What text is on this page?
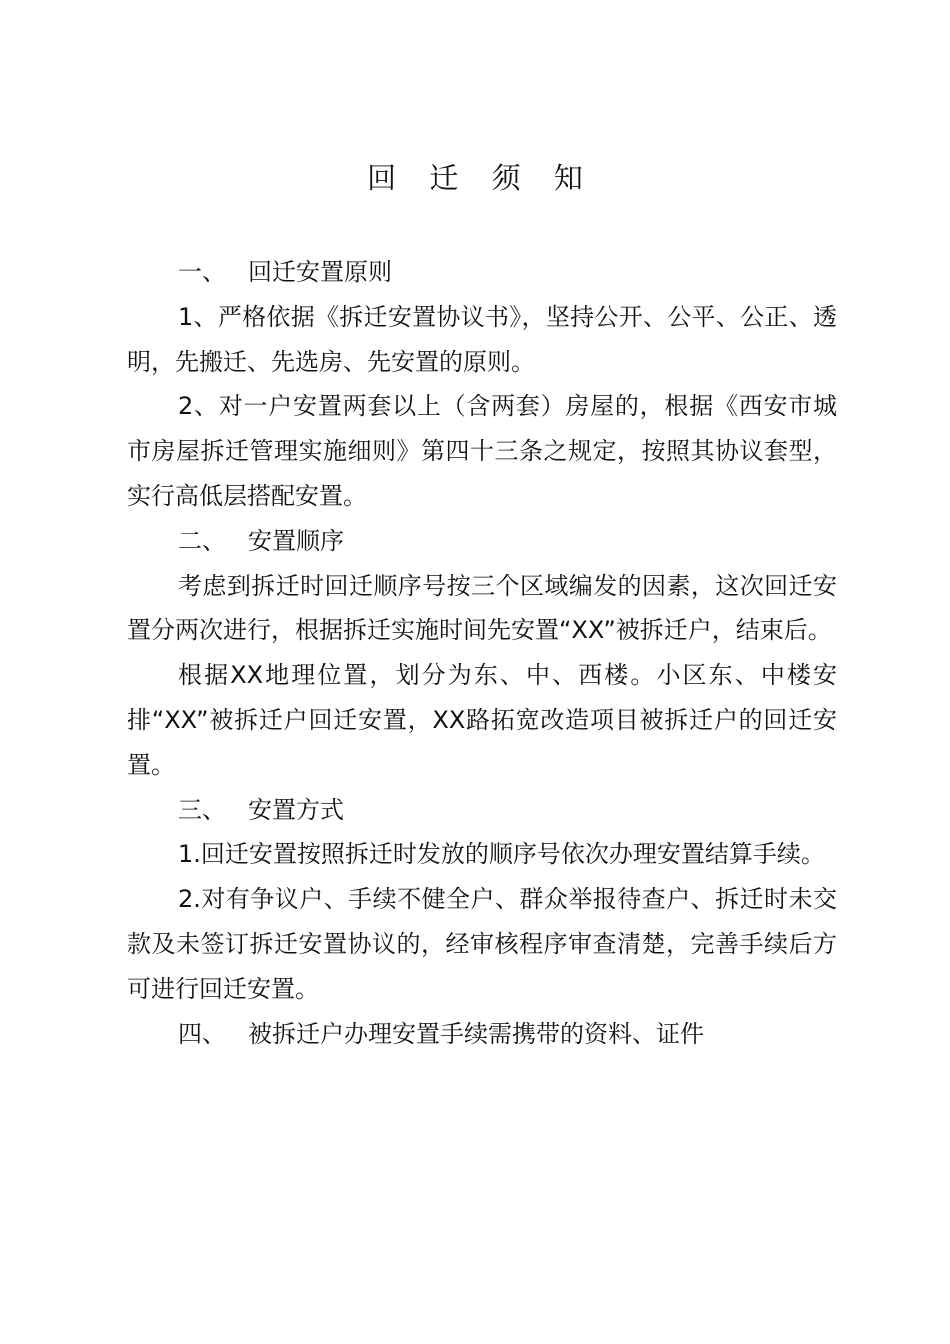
回 迁 须 知
一、 回迁安置原则

1、严格依据《拆迁安置协议书》，坚持公开、公平、公正、透明，先搬迁、先选房、先安置的原则。

2、对一户安置两套以上（含两套）房屋的，根据《西安市城市房屋拆迁管理实施细则》第四十三条之规定，按照其协议套型，实行高低层搭配安置。

二、 安置顺序

考虑到拆迁时回迁顺序号按三个区域编发的因素，这次回迁安置分两次进行，根据拆迁实施时间先安置“XX”被拆迁户，结束后。

根据XX地理位置，划分为东、中、西楼。小区东、中楼安排“XX”被拆迁户回迁安置，XX路拓宽改造项目被拆迁户的回迁安置。

三、 安置方式

1.回迁安置按照拆迁时发放的顺序号依次办理安置结算手续。

2.对有争议户、手续不健全户、群众举报待查户、拆迁时未交款及未签订拆迁安置协议的，经审核程序审查清楚，完善手续后方可进行回迁安置。

四、 被拆迁户办理安置手续需携带的资料、证件
